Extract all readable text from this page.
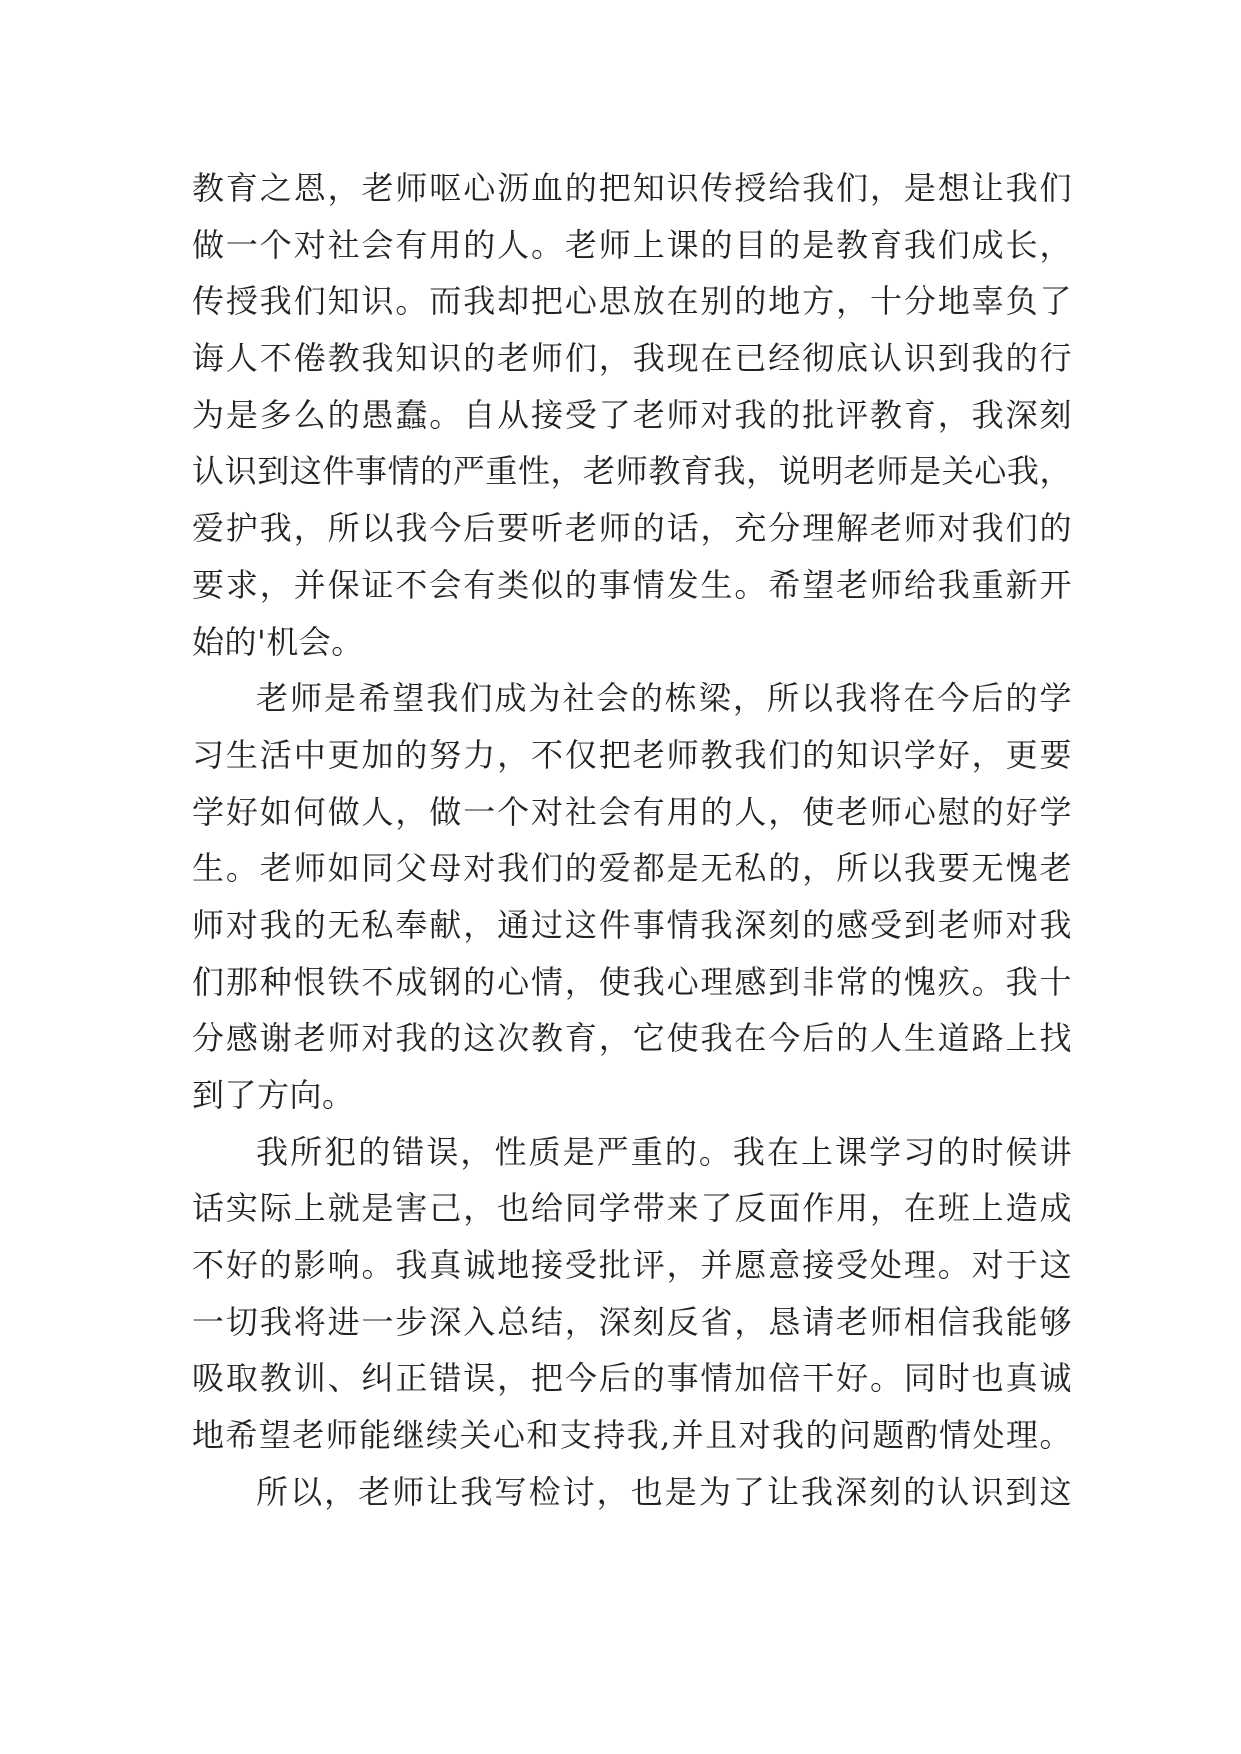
教育之恩，老师呕心沥血的把知识传授给我们，是想让我们
做一个对社会有用的人。老师上课的目的是教育我们成长，
传授我们知识。而我却把心思放在别的地方，十分地辜负了
诲人不倦教我知识的老师们，我现在已经彻底认识到我的行
为是多么的愚蠢。自从接受了老师对我的批评教育，我深刻
认识到这件事情的严重性，老师教育我，说明老师是关心我，
爱护我，所以我今后要听老师的话，充分理解老师对我们的
要求，并保证不会有类似的事情发生。希望老师给我重新开
始的'机会。
老师是希望我们成为社会的栋梁，所以我将在今后的学
习生活中更加的努力，不仅把老师教我们的知识学好，更要
学好如何做人，做一个对社会有用的人，使老师心慰的好学
生。老师如同父母对我们的爱都是无私的，所以我要无愧老
师对我的无私奉献，通过这件事情我深刻的感受到老师对我
们那种恨铁不成钢的心情，使我心理感到非常的愧疚。我十
分感谢老师对我的这次教育，它使我在今后的人生道路上找
到了方向。
我所犯的错误，性质是严重的。我在上课学习的时候讲
话实际上就是害己，也给同学带来了反面作用，在班上造成
不好的影响。我真诚地接受批评，并愿意接受处理。对于这
一切我将进一步深入总结，深刻反省，恳请老师相信我能够
吸取教训、纠正错误，把今后的事情加倍干好。同时也真诚
地希望老师能继续关心和支持我,并且对我的问题酌情处理。
所以，老师让我写检讨，也是为了让我深刻的认识到这
